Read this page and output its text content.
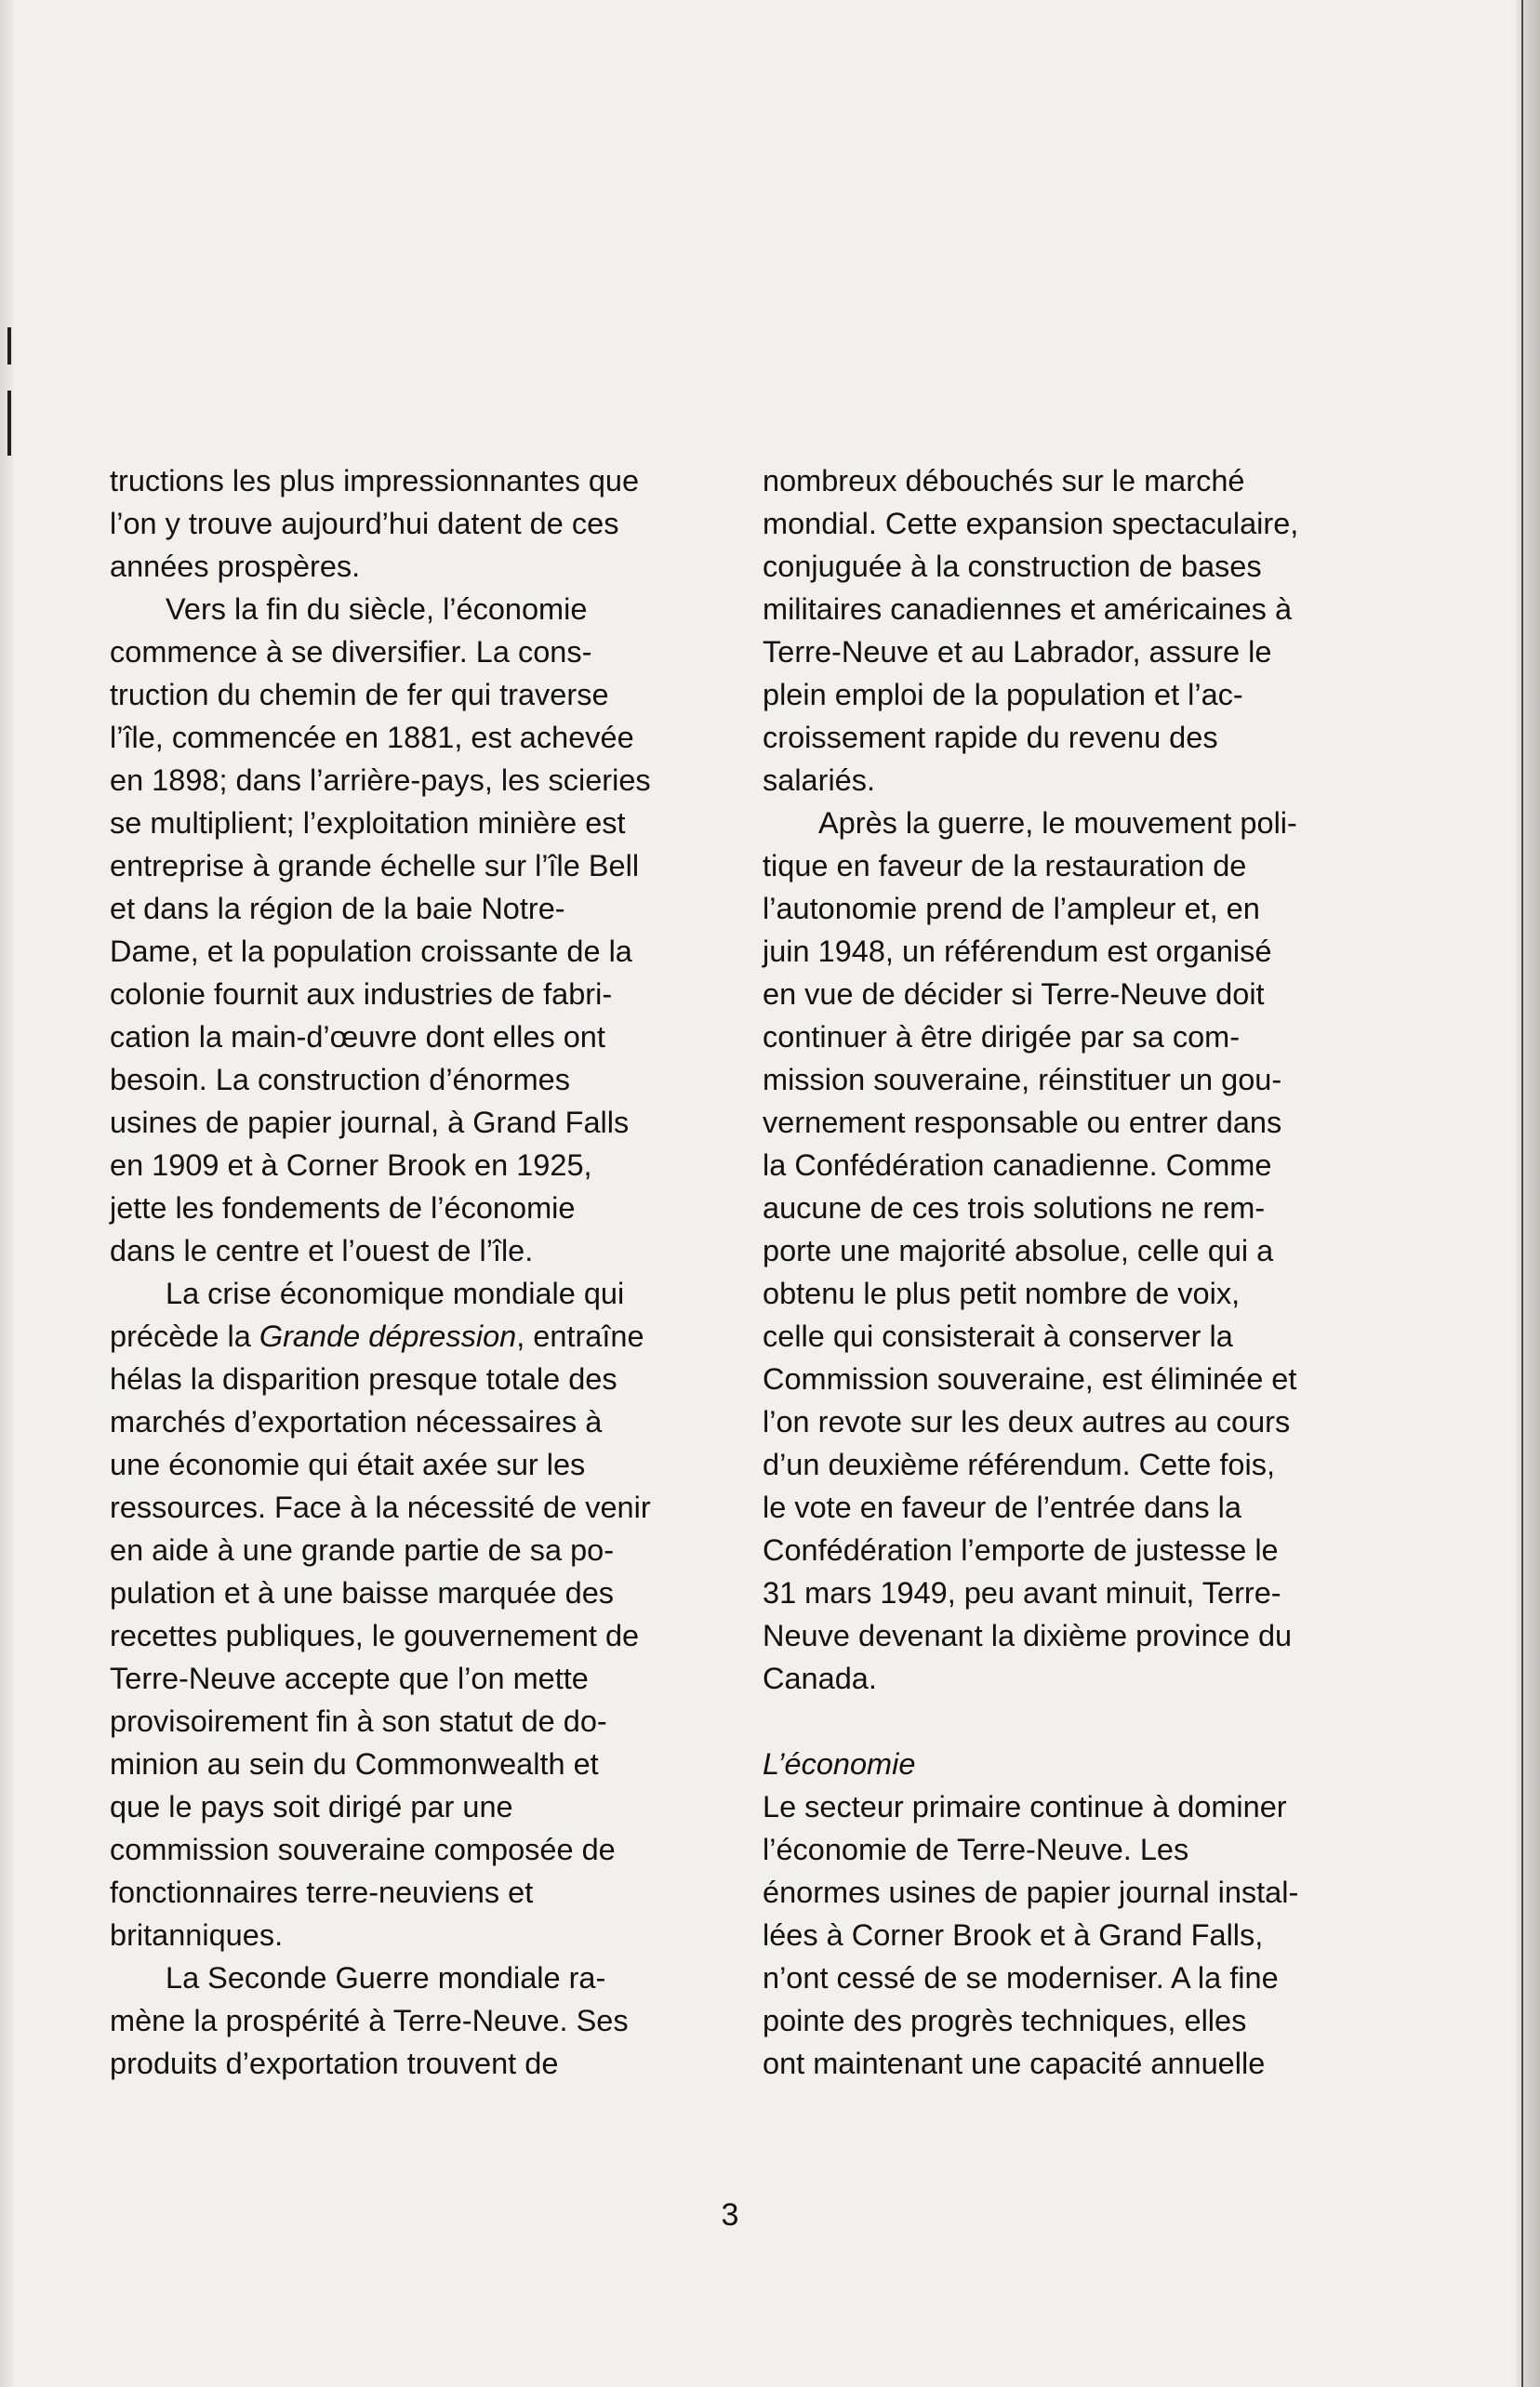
tructions les plus impressionnantes que
l’on y trouve aujourd’hui datent de ces
années prospères.
Vers la fin du siècle, l’économie
commence à se diversifier. La cons-
truction du chemin de fer qui traverse
l’île, commencée en 1881, est achevée
en 1898; dans l’arrière-pays, les scieries
se multiplient; l’exploitation minière est
entreprise à grande échelle sur l’île Bell
et dans la région de la baie Notre-
Dame, et la population croissante de la
colonie fournit aux industries de fabri-
cation la main-d’œuvre dont elles ont
besoin. La construction d’énormes
usines de papier journal, à Grand Falls
en 1909 et à Corner Brook en 1925,
jette les fondements de l’économie
dans le centre et l’ouest de l’île.
La crise économique mondiale qui
précède la Grande dépression, entraîne
hélas la disparition presque totale des
marchés d’exportation nécessaires à
une économie qui était axée sur les
ressources. Face à la nécessité de venir
en aide à une grande partie de sa po-
pulation et à une baisse marquée des
recettes publiques, le gouvernement de
Terre-Neuve accepte que l’on mette
provisoirement fin à son statut de do-
minion au sein du Commonwealth et
que le pays soit dirigé par une
commission souveraine composée de
fonctionnaires terre-neuviens et
britanniques.
La Seconde Guerre mondiale ra-
mène la prospérité à Terre-Neuve. Ses
produits d’exportation trouvent de
nombreux débouchés sur le marché
mondial. Cette expansion spectaculaire,
conjuguée à la construction de bases
militaires canadiennes et américaines à
Terre-Neuve et au Labrador, assure le
plein emploi de la population et l’ac-
croissement rapide du revenu des
salariés.
Après la guerre, le mouvement poli-
tique en faveur de la restauration de
l’autonomie prend de l’ampleur et, en
juin 1948, un référendum est organisé
en vue de décider si Terre-Neuve doit
continuer à être dirigée par sa com-
mission souveraine, réinstituer un gou-
vernement responsable ou entrer dans
la Confédération canadienne. Comme
aucune de ces trois solutions ne rem-
porte une majorité absolue, celle qui a
obtenu le plus petit nombre de voix,
celle qui consisterait à conserver la
Commission souveraine, est éliminée et
l’on revote sur les deux autres au cours
d’un deuxième référendum. Cette fois,
le vote en faveur de l’entrée dans la
Confédération l’emporte de justesse le
31 mars 1949, peu avant minuit, Terre-
Neuve devenant la dixième province du
Canada.
L’économie
Le secteur primaire continue à dominer
l’économie de Terre-Neuve. Les
énormes usines de papier journal instal-
lées à Corner Brook et à Grand Falls,
n’ont cessé de se moderniser. A la fine
pointe des progrès techniques, elles
ont maintenant une capacité annuelle
3
